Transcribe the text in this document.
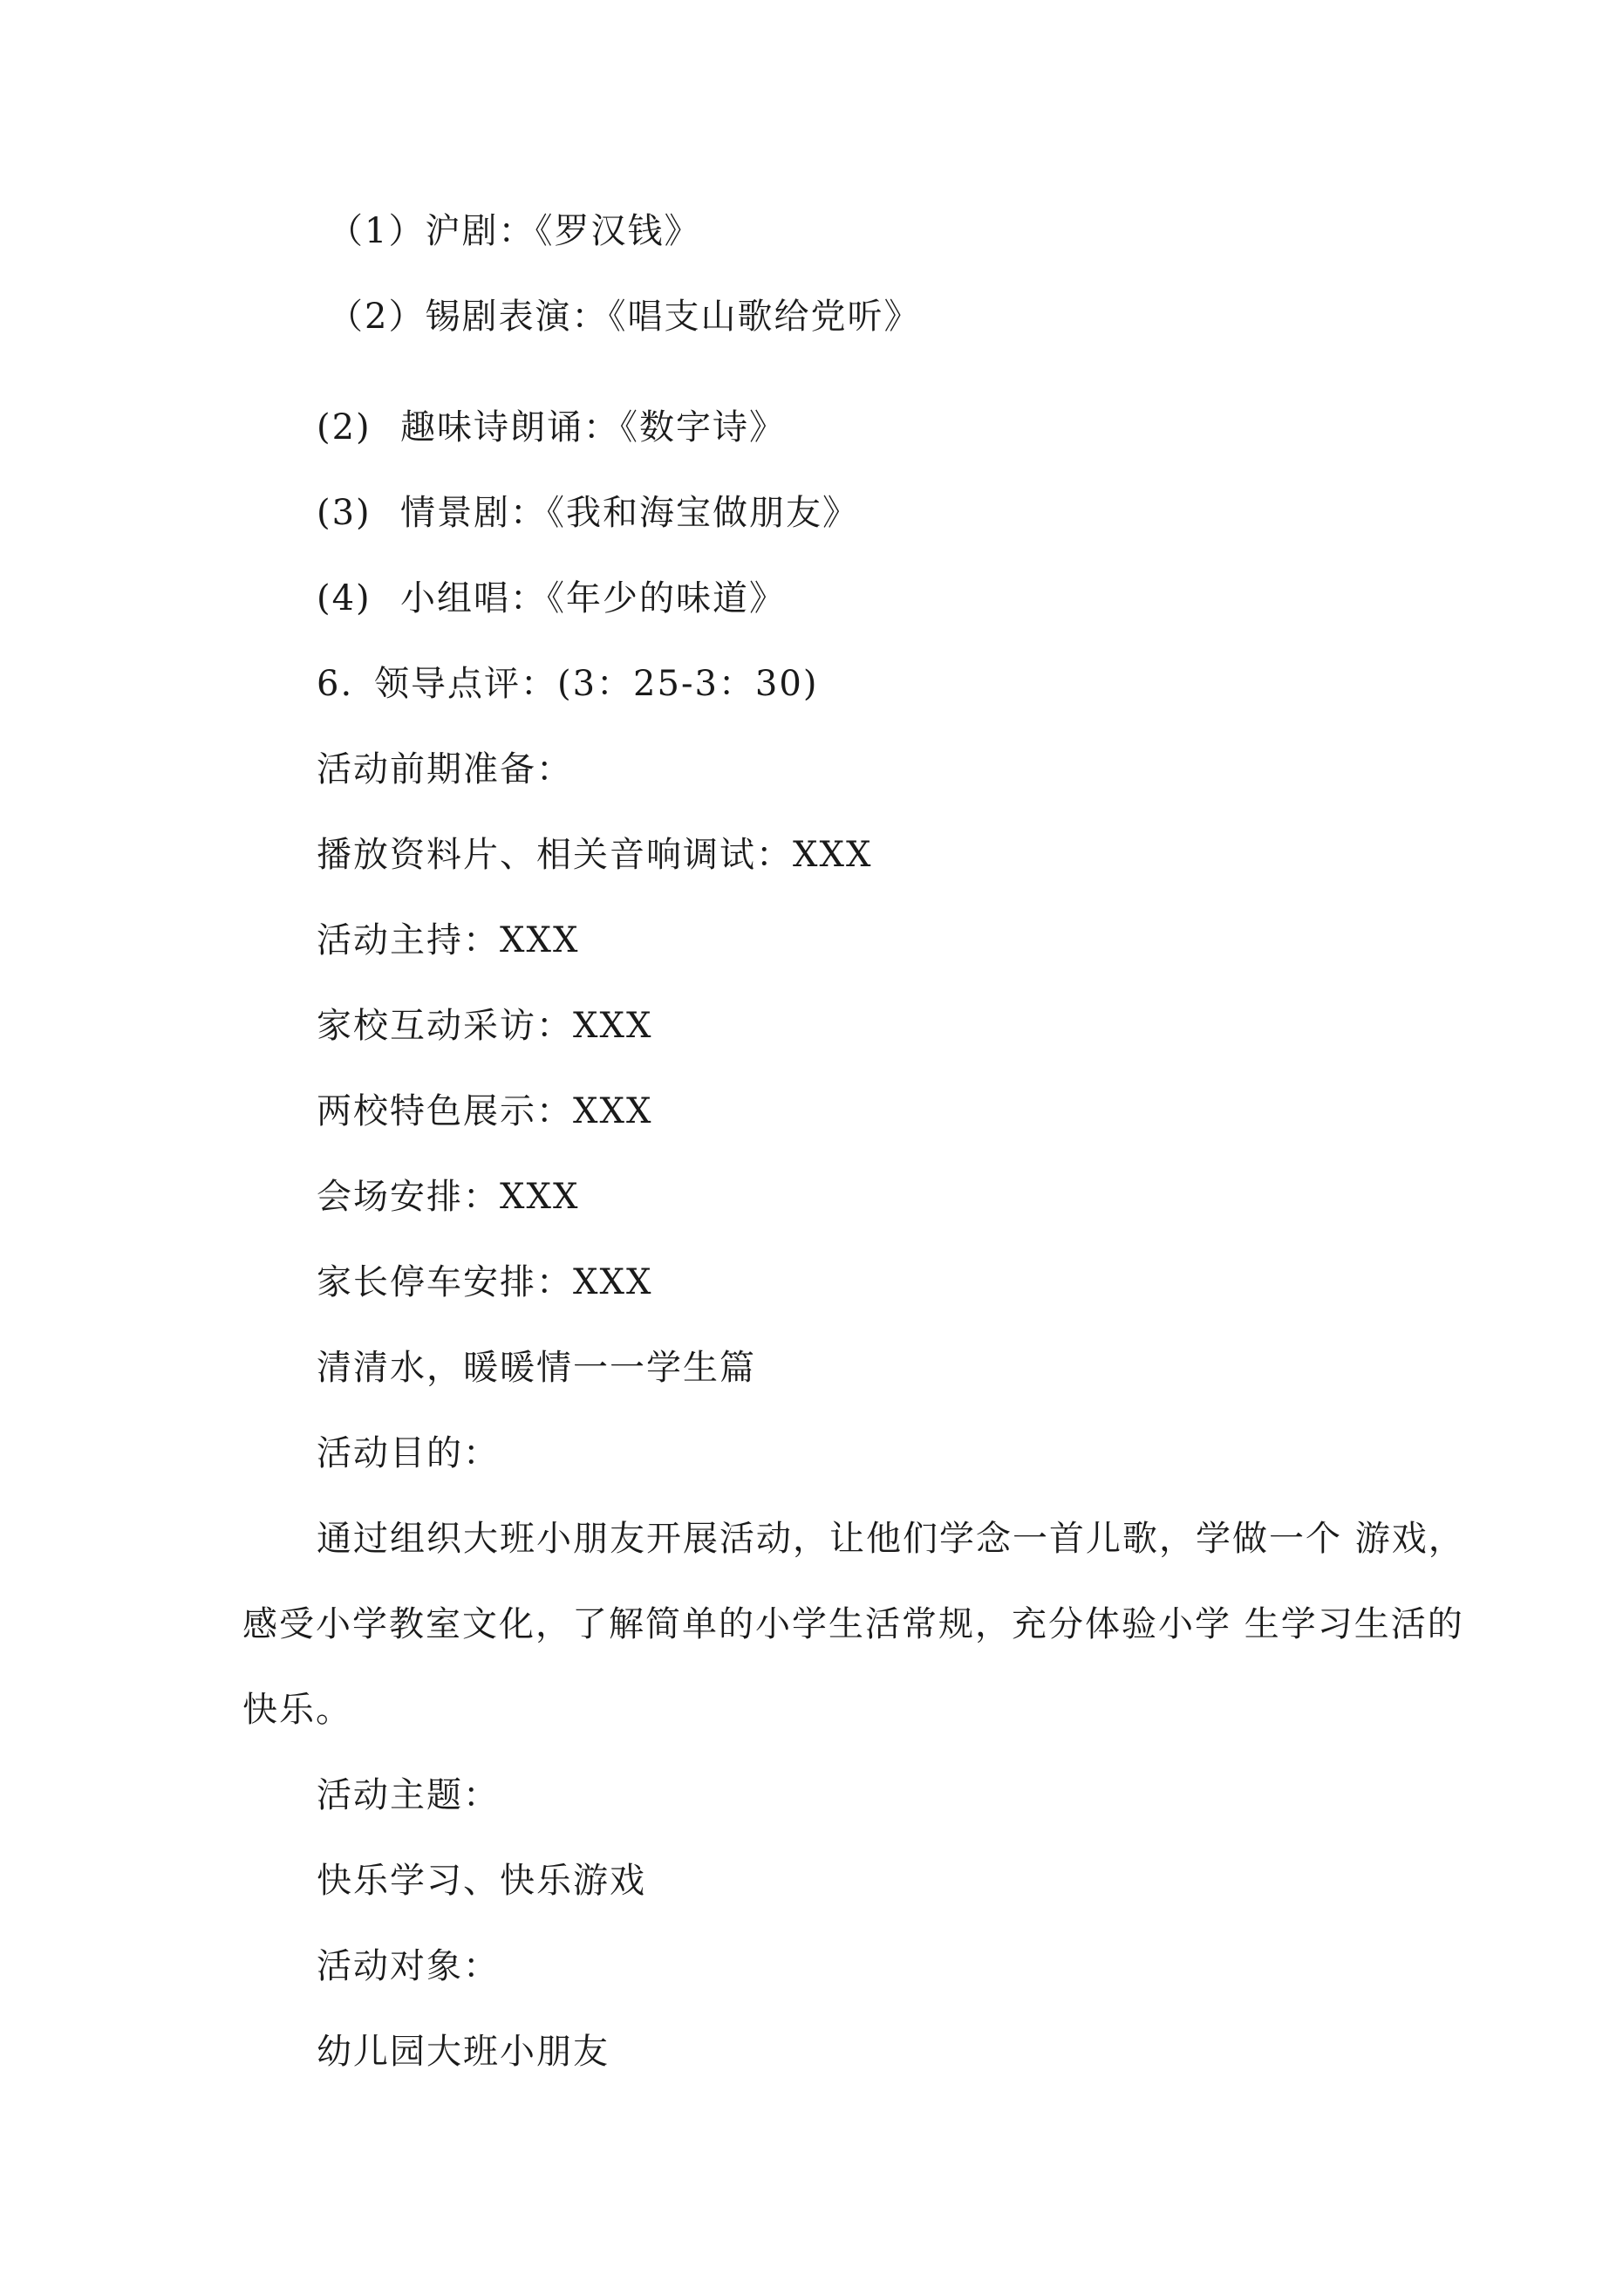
（1）沪剧：《罗汉钱》
（2）锡剧表演：《唱支山歌给党听》
(2) 趣味诗朗诵：《数字诗》
(3) 情景剧：《我和海宝做朋友》
(4) 小组唱：《年少的味道》
6. 领导点评：(3：25-3：30)
活动前期准备：
播放资料片、相关音响调试：XXX
活动主持：XXX
家校互动采访：XXX
两校特色展示：XXX
会场安排：XXX
家长停车安排：XXX
清清水，暖暖情一一学生篇
活动目的：
通过组织大班小朋友开展活动，让他们学念一首儿歌，学做一个 游戏，
感受小学教室文化，了解简单的小学生活常规，充分体验小学 生学习生活的
快乐。
活动主题：
快乐学习、快乐游戏
活动对象：
幼儿园大班小朋友
